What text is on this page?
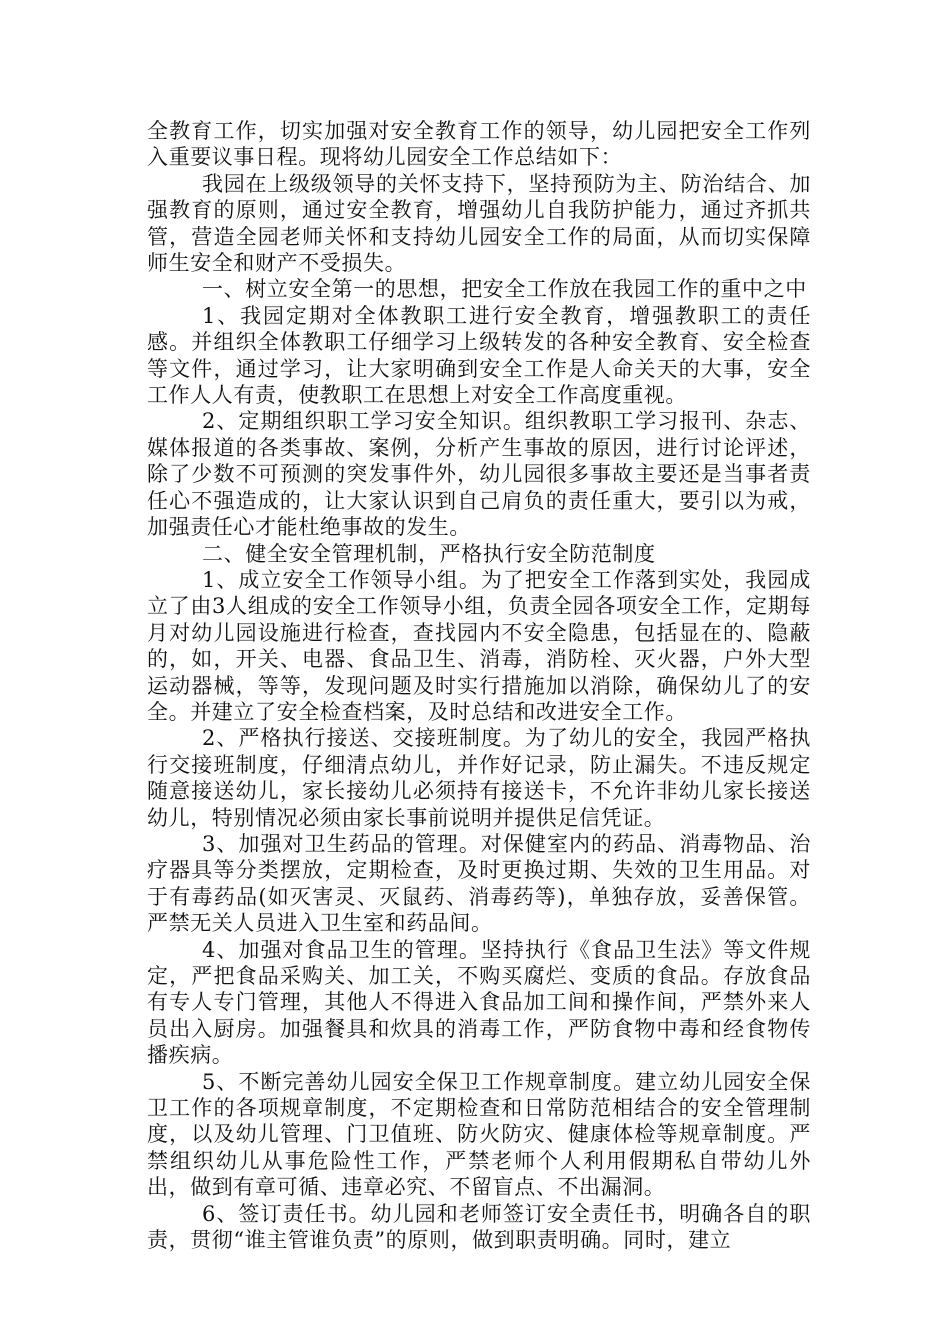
全教育工作，切实加强对安全教育工作的领导，幼儿园把安全工作列入重要议事日程。现将幼儿园安全工作总结如下：

我园在上级级领导的关怀支持下，坚持预防为主、防治结合、加强教育的原则，通过安全教育，增强幼儿自我防护能力，通过齐抓共管，营造全园老师关怀和支持幼儿园安全工作的局面，从而切实保障师生安全和财产不受损失。

一、树立安全第一的思想，把安全工作放在我园工作的重中之中

1、我园定期对全体教职工进行安全教育，增强教职工的责任感。并组织全体教职工仔细学习上级转发的各种安全教育、安全检查等文件，通过学习，让大家明确到安全工作是人命关天的大事，安全工作人人有责，使教职工在思想上对安全工作高度重视。

2、定期组织职工学习安全知识。组织教职工学习报刊、杂志、媒体报道的各类事故、案例，分析产生事故的原因，进行讨论评述，除了少数不可预测的突发事件外，幼儿园很多事故主要还是当事者责任心不强造成的，让大家认识到自己肩负的责任重大，要引以为戒，加强责任心才能杜绝事故的发生。

二、健全安全管理机制，严格执行安全防范制度

1、成立安全工作领导小组。为了把安全工作落到实处，我园成立了由3人组成的安全工作领导小组，负责全园各项安全工作，定期每月对幼儿园设施进行检查，查找园内不安全隐患，包括显在的、隐蔽的，如，开关、电器、食品卫生、消毒，消防栓、灭火器，户外大型运动器械，等等，发现问题及时实行措施加以消除，确保幼儿了的安全。并建立了安全检查档案，及时总结和改进安全工作。

2、严格执行接送、交接班制度。为了幼儿的安全，我园严格执行交接班制度，仔细清点幼儿，并作好记录，防止漏失。不违反规定随意接送幼儿，家长接幼儿必须持有接送卡，不允许非幼儿家长接送幼儿，特别情况必须由家长事前说明并提供足信凭证。

3、加强对卫生药品的管理。对保健室内的药品、消毒物品、治疗器具等分类摆放，定期检查，及时更换过期、失效的卫生用品。对于有毒药品(如灭害灵、灭鼠药、消毒药等)，单独存放，妥善保管。严禁无关人员进入卫生室和药品间。

4、加强对食品卫生的管理。坚持执行《食品卫生法》等文件规定，严把食品采购关、加工关，不购买腐烂、变质的食品。存放食品有专人专门管理，其他人不得进入食品加工间和操作间，严禁外来人员出入厨房。加强餐具和炊具的消毒工作，严防食物中毒和经食物传播疾病。

5、不断完善幼儿园安全保卫工作规章制度。建立幼儿园安全保卫工作的各项规章制度，不定期检查和日常防范相结合的安全管理制度，以及幼儿管理、门卫值班、防火防灾、健康体检等规章制度。严禁组织幼儿从事危险性工作，严禁老师个人利用假期私自带幼儿外出，做到有章可循、违章必究、不留盲点、不出漏洞。

6、签订责任书。幼儿园和老师签订安全责任书，明确各自的职责，贯彻“谁主管谁负责”的原则，做到职责明确。同时，建立
